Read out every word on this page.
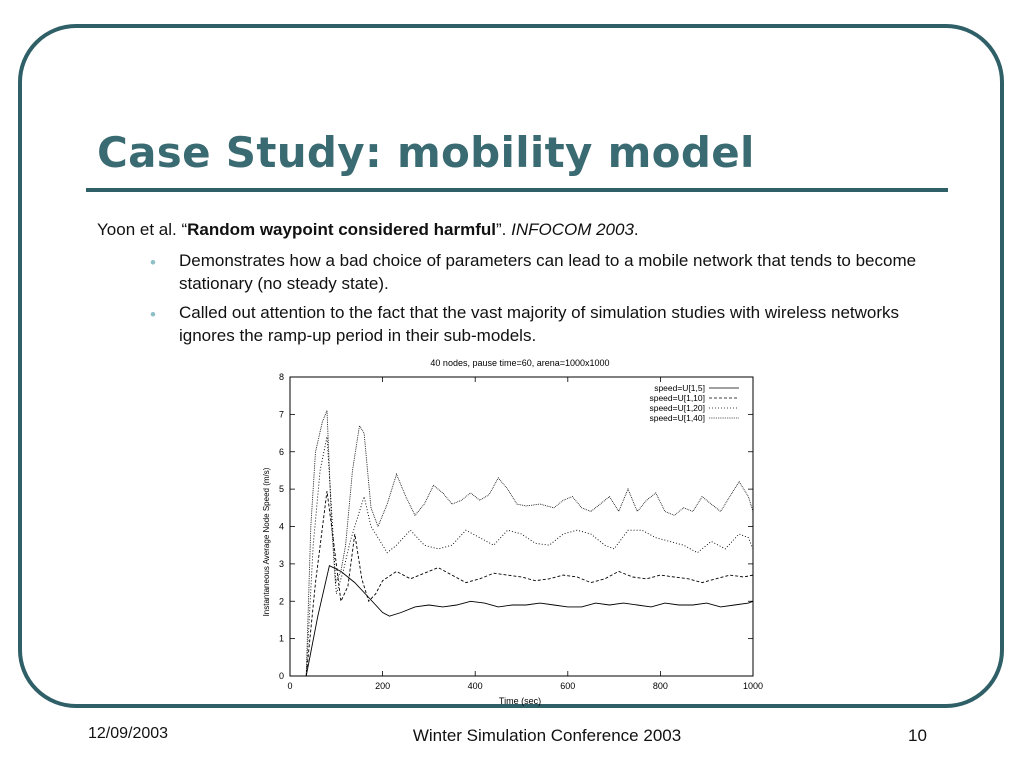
Case Study: mobility model
Yoon et al. “Random waypoint considered harmful”. INFOCOM 2003.
• Demonstrates how a bad choice of parameters can lead to a mobile network that tends to become stationary (no steady state).
• Called out attention to the fact that the vast majority of simulation studies with wireless networks ignores the ramp-up period in their sub-models.
40 nodes, pause time=60, arena=1000x1000
Time (sec)
Instantaneous Average Node Speed (m/s)
0
1
2
3
4
5
6
7
8
0	200	400	600	800	1000
speed=U[1,5]
speed=U[1,10]
speed=U[1,20]
speed=U[1,40]
12/09/2003	Winter Simulation Conference 2003	10
